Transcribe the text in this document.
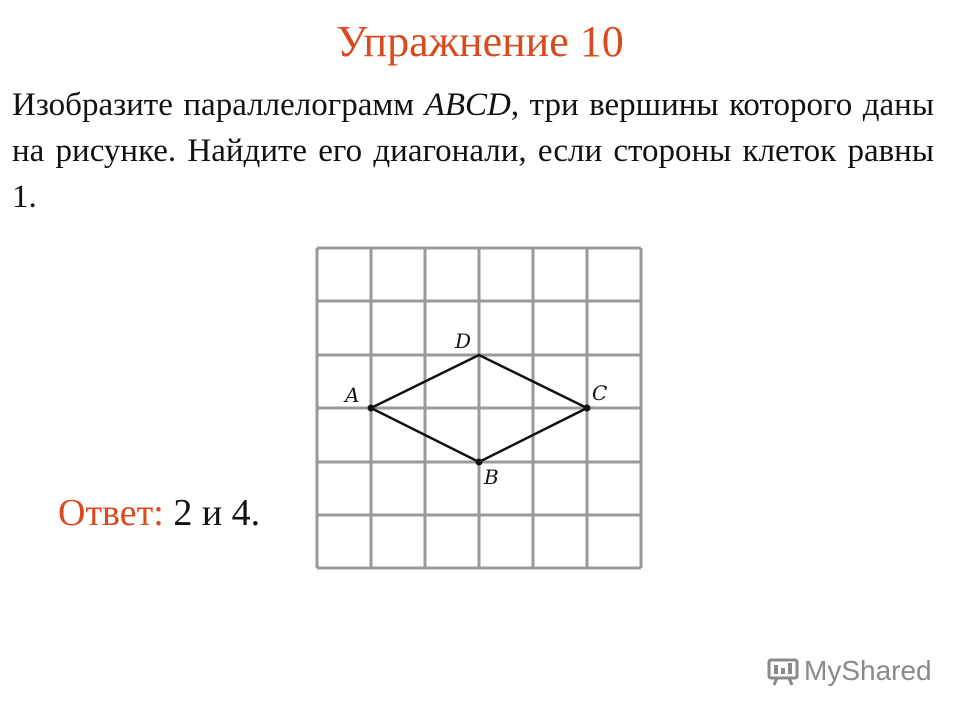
Упражнение 10
Изобразите параллелограмм ABCD, три вершины которого даны на рисунке. Найдите его диагонали, если стороны клеток равны 1.
A
B
C
D
Ответ: 2 и 4.
MyShared
